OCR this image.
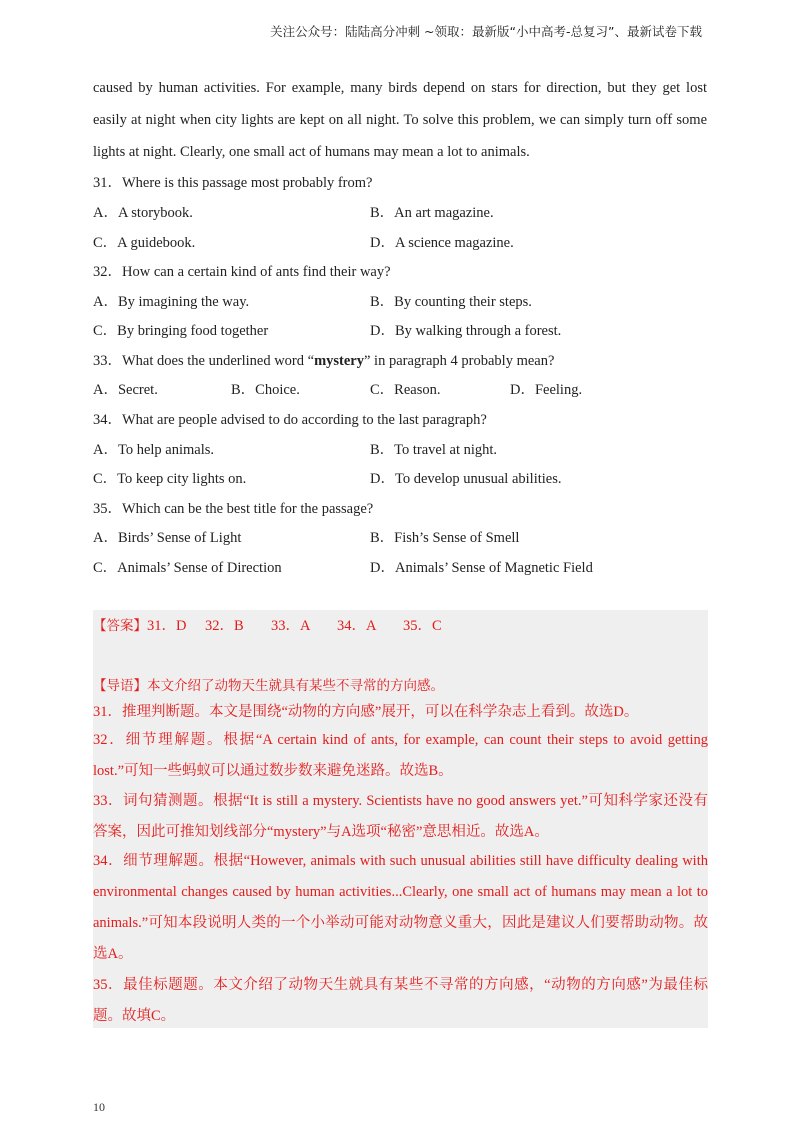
关注公众号：陆陆高分冲刺 ~领取：最新版“小中高考-总复习”、最新试卷下载

caused by human activities. For example, many birds depend on stars for direction, but they get lost easily at night when city lights are kept on all night. To solve this problem, we can simply turn off some lights at night. Clearly, one small act of humans may mean a lot to animals.

31．Where is this passage most probably from?
A．A storybook.	B．An art magazine.
C．A guidebook.	D．A science magazine.
32．How can a certain kind of ants find their way?
A．By imagining the way.	B．By counting their steps.
C．By bringing food together	D．By walking through a forest.
33．What does the underlined word “mystery” in paragraph 4 probably mean?
A．Secret.	B．Choice.	C．Reason.	D．Feeling.
34．What are people advised to do according to the last paragraph?
A．To help animals.	B．To travel at night.
C．To keep city lights on.	D．To develop unusual abilities.
35．Which can be the best title for the passage?
A．Birds’ Sense of Light	B．Fish’s Sense of Smell
C．Animals’ Sense of Direction	D．Animals’ Sense of Magnetic Field
【答案】31．D 32．B 33．A 34．A 35．C
【导语】本文介绍了动物天生就具有某些不寻常的方向感。

31．推理判断题。本文是围绕“动物的方向感”展开，可以在科学杂志上看到。故选D。

32．细节理解题。根据“A certain kind of ants, for example, can count their steps to avoid getting lost.”可知一些蚂蚁可以通过数步数来避免迷路。故选B。

33．词句猜测题。根据“It is still a mystery. Scientists have no good answers yet.”可知科学家还没有答案，因此可推知划线部分“mystery”与A选项“秘密”意思相近。故选A。

34．细节理解题。根据“However, animals with such unusual abilities still have difficulty dealing with environmental changes caused by human activities...Clearly, one small act of humans may mean a lot to animals.”可知本段说明人类的一个小举动可能对动物意义重大，因此是建议人们要帮助动物。故选A。

35．最佳标题题。本文介绍了动物天生就具有某些不寻常的方向感，“动物的方向感”为最佳标题。故填C。

10
